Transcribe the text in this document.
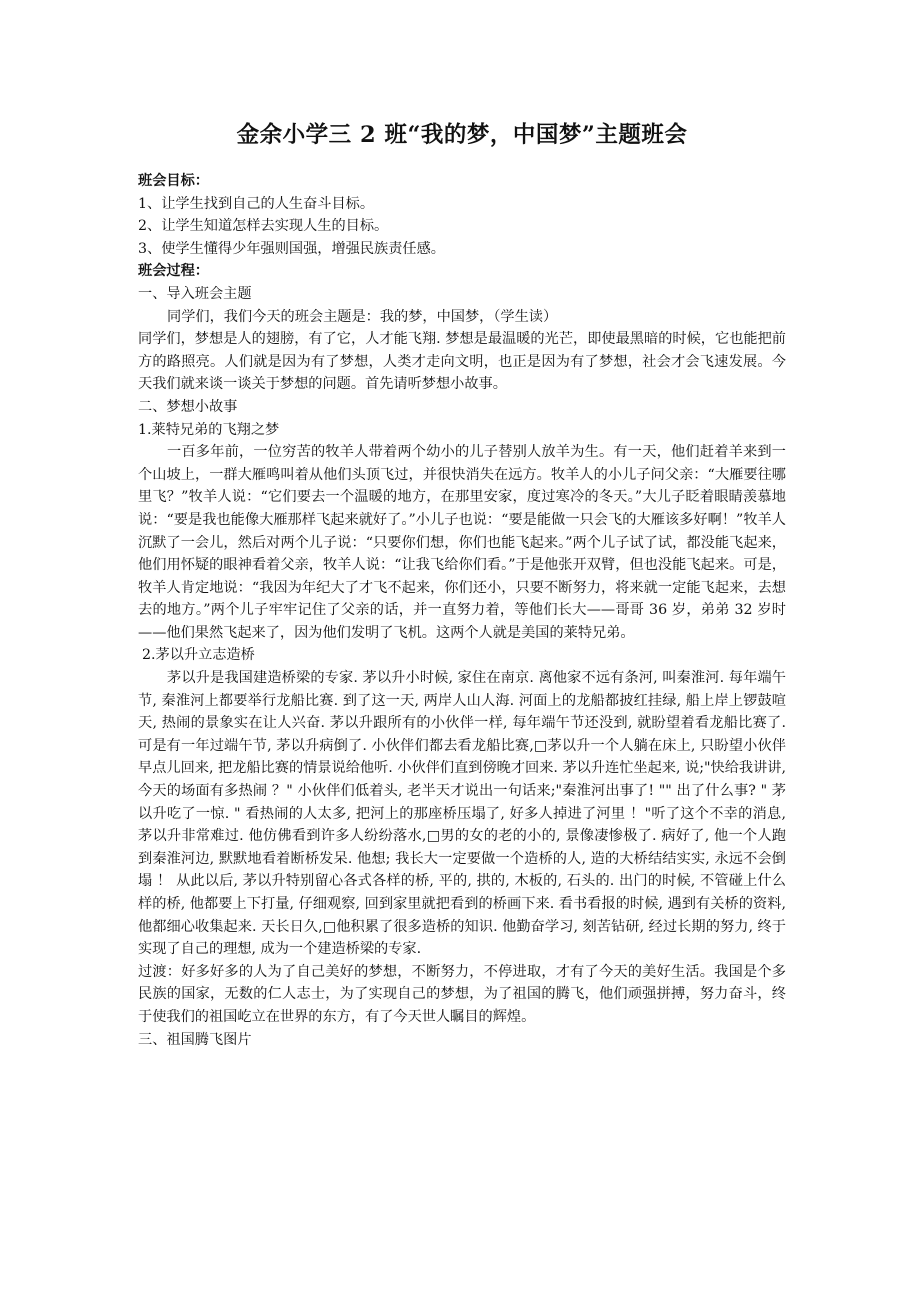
金余小学三 2 班“我的梦，中国梦”主题班会

班会目标：

1、让学生找到自己的人生奋斗目标。

2、让学生知道怎样去实现人生的目标。

3、使学生懂得少年强则国强，增强民族责任感。

班会过程：

一、导入班会主题

同学们，我们今天的班会主题是：我的梦，中国梦，（学生读）

同学们，梦想是人的翅膀，有了它，人才能飞翔. 梦想是最温暖的光芒，即使最黑暗的时候，它也能把前方的路照亮。人们就是因为有了梦想，人类才走向文明，也正是因为有了梦想，社会才会飞速发展。今天我们就来谈一谈关于梦想的问题。首先请听梦想小故事。

二、梦想小故事

1.莱特兄弟的飞翔之梦

一百多年前，一位穷苦的牧羊人带着两个幼小的儿子替别人放羊为生。有一天，他们赶着羊来到一个山坡上，一群大雁鸣叫着从他们头顶飞过，并很快消失在远方。牧羊人的小儿子问父亲：“大雁要往哪里飞？”牧羊人说：“它们要去一个温暖的地方，在那里安家，度过寒冷的冬天。”大儿子眨着眼睛羡慕地说：“要是我也能像大雁那样飞起来就好了。”小儿子也说：“要是能做一只会飞的大雁该多好啊！”牧羊人沉默了一会儿，然后对两个儿子说：“只要你们想，你们也能飞起来。”两个儿子试了试，都没能飞起来，他们用怀疑的眼神看着父亲，牧羊人说：“让我飞给你们看。”于是他张开双臂，但也没能飞起来。可是，牧羊人肯定地说：“我因为年纪大了才飞不起来，你们还小，只要不断努力，将来就一定能飞起来，去想去的地方。”两个儿子牢牢记住了父亲的话，并一直努力着，等他们长大——哥哥 36 岁，弟弟 32 岁时——他们果然飞起来了，因为他们发明了飞机。这两个人就是美国的莱特兄弟。

2.茅以升立志造桥

茅以升是我国建造桥梁的专家. 茅以升小时候, 家住在南京. 离他家不远有条河, 叫秦淮河. 每年端午节, 秦淮河上都要举行龙船比赛. 到了这一天, 两岸人山人海. 河面上的龙船都披红挂绿, 船上岸上锣鼓喧天, 热闹的景象实在让人兴奋. 茅以升跟所有的小伙伴一样, 每年端午节还没到, 就盼望着看龙船比赛了. 可是有一年过端午节, 茅以升病倒了. 小伙伴们都去看龙船比赛,□茅以升一个人躺在床上, 只盼望小伙伴早点儿回来, 把龙船比赛的情景说给他听. 小伙伴们直到傍晚才回来. 茅以升连忙坐起来, 说;"快给我讲讲, 今天的场面有多热闹 ？" 小伙伴们低着头, 老半天才说出一句话来;"秦淮河出事了! "" 出了什么事? " 茅以升吃了一惊. " 看热闹的人太多, 把河上的那座桥压塌了, 好多人掉进了河里 ！"听了这个不幸的消息, 茅以升非常难过. 他仿佛看到许多人纷纷落水,□男的女的老的小的, 景像凄惨极了. 病好了, 他一个人跑到秦淮河边, 默默地看着断桥发呆. 他想; 我长大一定要做一个造桥的人, 造的大桥结结实实, 永远不会倒塌 ！ 从此以后, 茅以升特别留心各式各样的桥, 平的, 拱的, 木板的, 石头的. 出门的时候, 不管碰上什么样的桥, 他都要上下打量, 仔细观察, 回到家里就把看到的桥画下来. 看书看报的时候, 遇到有关桥的资料, 他都细心收集起来. 天长日久,□他积累了很多造桥的知识. 他勤奋学习, 刻苦钻研, 经过长期的努力, 终于实现了自己的理想, 成为一个建造桥梁的专家.

过渡：好多好多的人为了自己美好的梦想，不断努力，不停进取，才有了今天的美好生活。我国是个多民族的国家，无数的仁人志士，为了实现自己的梦想，为了祖国的腾飞，他们顽强拼搏，努力奋斗，终于使我们的祖国屹立在世界的东方，有了今天世人瞩目的辉煌。

三、祖国腾飞图片
